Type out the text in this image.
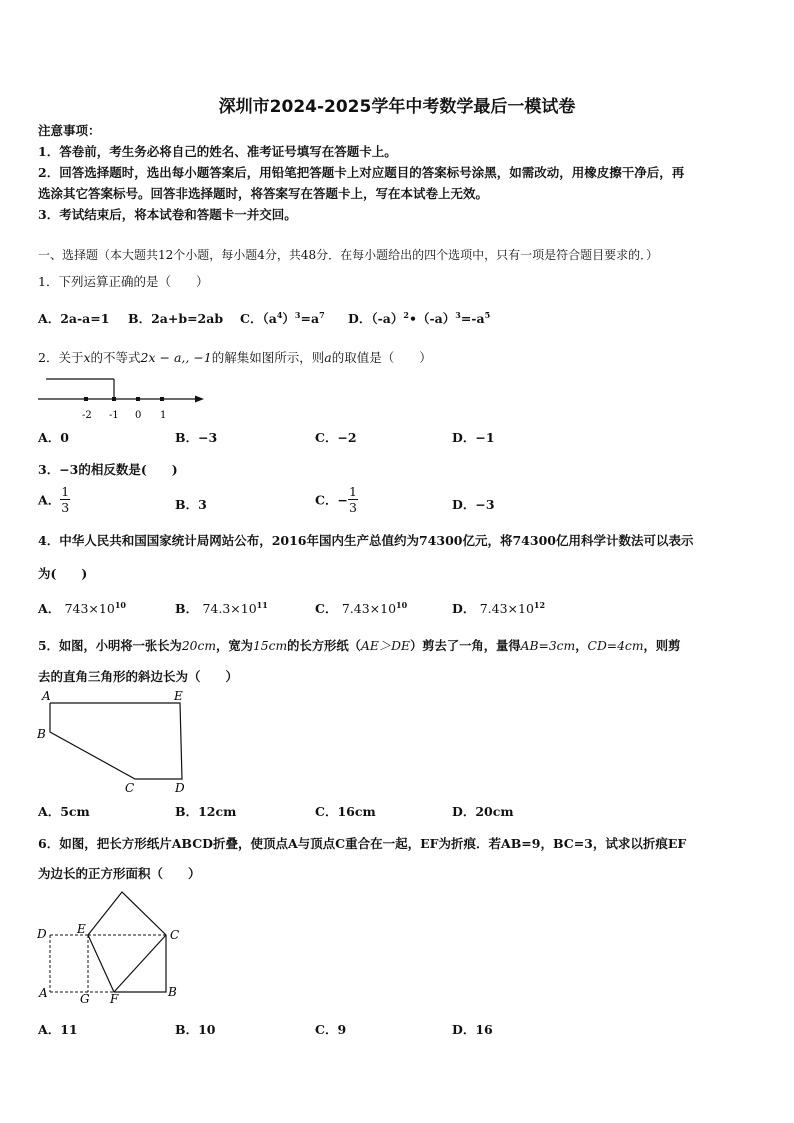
深圳市2024-2025学年中考数学最后一模试卷
注意事项：
1．答卷前，考生务必将自己的姓名、准考证号填写在答题卡上。
2．回答选择题时，选出每小题答案后，用铅笔把答题卡上对应题目的答案标号涂黑，如需改动，用橡皮擦干净后，再
选涂其它答案标号。回答非选择题时，将答案写在答题卡上，写在本试卷上无效。
3．考试结束后，将本试卷和答题卡一并交回。
一、选择题（本大题共12个小题，每小题4分，共48分．在每小题给出的四个选项中，只有一项是符合题目要求的．）
1．下列运算正确的是（　　）
A．2a-a=1 B．2a+b=2ab C．$(a^4)^3=a^7$ D．$(-a)^2•(-a)^3=-a^5$
2．关于x的不等式2x − a,, −1的解集如图所示，则a的取值是（　　）
-2 -1 0 1
A．0	B．−3	C．−2	D．−1
3．−3的相反数是(　　)
A． $\frac{1}{3}$	B．3	C．− $\frac{1}{3}$	D．−3
4．中华人民共和国国家统计局网站公布，2016年国内生产总值约为74300亿元，将74300亿用科学计数法可以表示
为(　　)
A． $743\times 10^{10}$	B． $74.3\times 10^{11}$	C． $7.43\times 10^{10}$	D． $7.43\times 10^{12}$
5．如图，小明将一张长为20cm，宽为15cm的长方形纸（AE＞DE）剪去了一角，量得AB=3cm，CD=4cm，则剪
去的直角三角形的斜边长为（　　）
A	E
B
C	D
A．5cm	B．12cm	C．16cm	D．20cm
6．如图，把长方形纸片ABCD折叠，使顶点A与顶点C重合在一起，EF为折痕．若AB=9，BC=3，试求以折痕EF
为边长的正方形面积（　　）
D	E	C
A	G F	B
A．11	B．10	C．9	D．16
